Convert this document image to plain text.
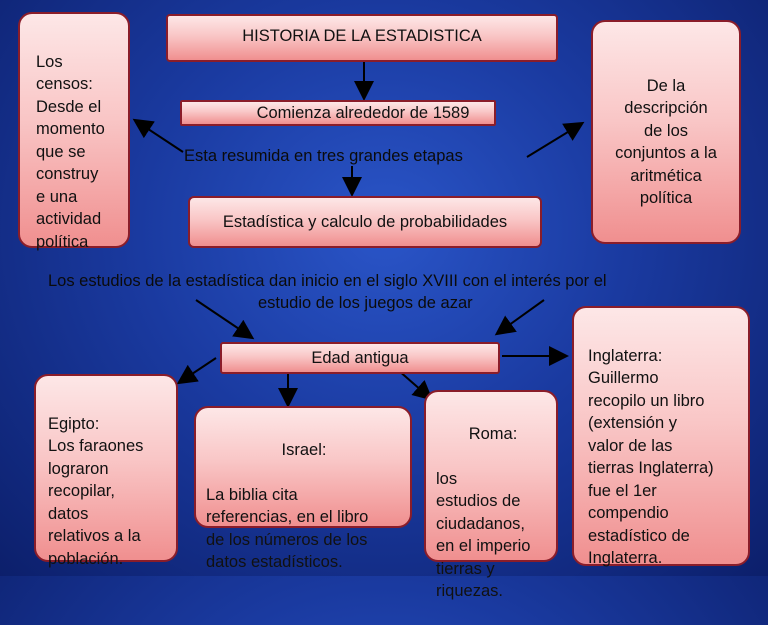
Los
censos:
Desde el
momento
que se
construy
e una
actividad
política

HISTORIA DE LA ESTADISTICA

De la
descripción
de los
conjuntos a la
aritmética
política

Comienza alrededor de 1589
Esta resumida en tres grandes etapas
Estadística y calculo de probabilidades
Los estudios de la estadística dan inicio en el siglo XVIII con el interés por el
estudio de los juegos de azar
Edad antigua

Egipto:
Los faraones
lograron
recopilar,
datos
relativos a la
población.

Israel:

La biblia cita
referencias, en el libro
de los números de los
datos estadísticos.

Roma:

los
estudios de
ciudadanos,
en el imperio
tierras y
riquezas.

Inglaterra:
Guillermo
recopilo un libro
(extensión y
valor de las
tierras Inglaterra)
fue el 1er
compendio
estadístico de
Inglaterra.
